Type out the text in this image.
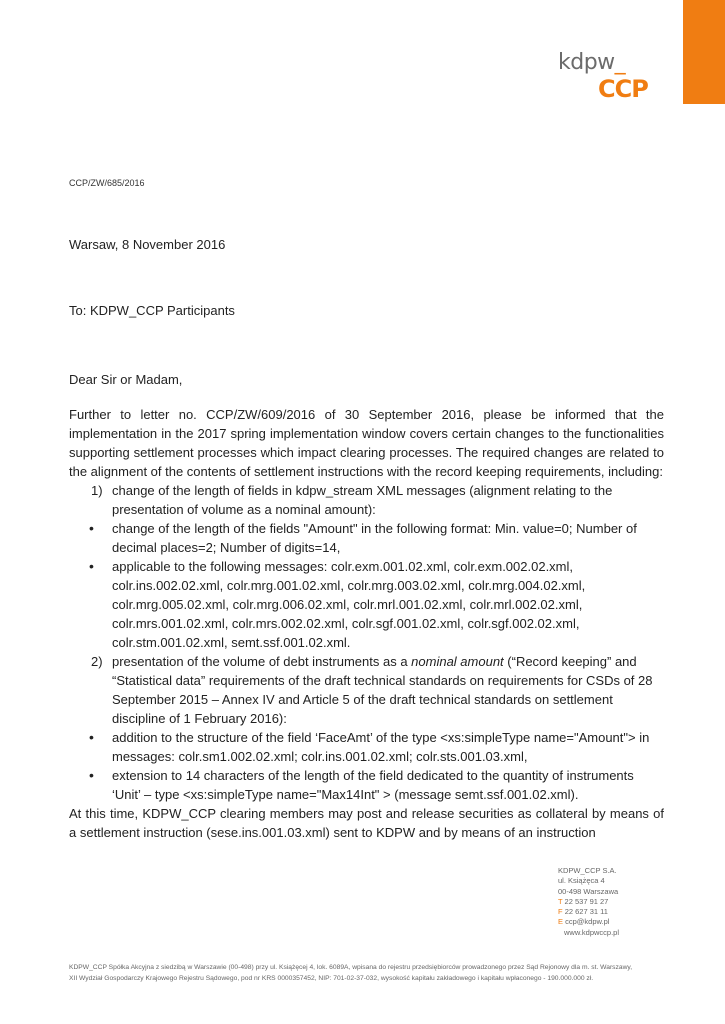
kdpw_
CCP
CCP/ZW/685/2016
Warsaw, 8 November 2016
To: KDPW_CCP Participants
Dear Sir or Madam,

Further to letter no. CCP/ZW/609/2016 of 30 September 2016, please be informed that the implementation in the 2017 spring implementation window covers certain changes to the functionalities supporting settlement processes which impact clearing processes. The required changes are related to the alignment of the contents of settlement instructions with the record keeping requirements, including:

1) change of the length of fields in kdpw_stream XML messages (alignment relating to the presentation of volume as a nominal amount):
• change of the length of the fields "Amount" in the following format: Min. value=0; Number of decimal places=2; Number of digits=14,
• applicable to the following messages: colr.exm.001.02.xml, colr.exm.002.02.xml, colr.ins.002.02.xml, colr.mrg.001.02.xml, colr.mrg.003.02.xml, colr.mrg.004.02.xml, colr.mrg.005.02.xml, colr.mrg.006.02.xml, colr.mrl.001.02.xml, colr.mrl.002.02.xml, colr.mrs.001.02.xml, colr.mrs.002.02.xml, colr.sgf.001.02.xml, colr.sgf.002.02.xml, colr.stm.001.02.xml, semt.ssf.001.02.xml.
2) presentation of the volume of debt instruments as a nominal amount (“Record keeping” and “Statistical data” requirements of the draft technical standards on requirements for CSDs of 28 September 2015 – Annex IV and Article 5 of the draft technical standards on settlement discipline of 1 February 2016):
• addition to the structure of the field ‘FaceAmt’ of the type <xs:simpleType name="Amount"> in messages: colr.sm1.002.02.xml; colr.ins.001.02.xml; colr.sts.001.03.xml,
• extension to 14 characters of the length of the field dedicated to the quantity of instruments ‘Unit’ – type <xs:simpleType name="Max14Int" > (message semt.ssf.001.02.xml).

At this time, KDPW_CCP clearing members may post and release securities as collateral by means of a settlement instruction (sese.ins.001.03.xml) sent to KDPW and by means of an instruction

KDPW_CCP S.A.
ul. Książęca 4
00-498 Warszawa
T 22 537 91 27
F 22 627 31 11
E ccp@kdpw.pl
www.kdpwccp.pl
KDPW_CCP Spółka Akcyjna z siedzibą w Warszawie (00-498) przy ul. Książęcej 4, lok. 6089A, wpisana do rejestru przedsiębiorców prowadzonego przez Sąd Rejonowy dla m. st. Warszawy,
XII Wydział Gospodarczy Krajowego Rejestru Sądowego, pod nr KRS 0000357452, NIP: 701-02-37-032, wysokość kapitału zakładowego i kapitału wpłaconego - 190.000.000 zł.
